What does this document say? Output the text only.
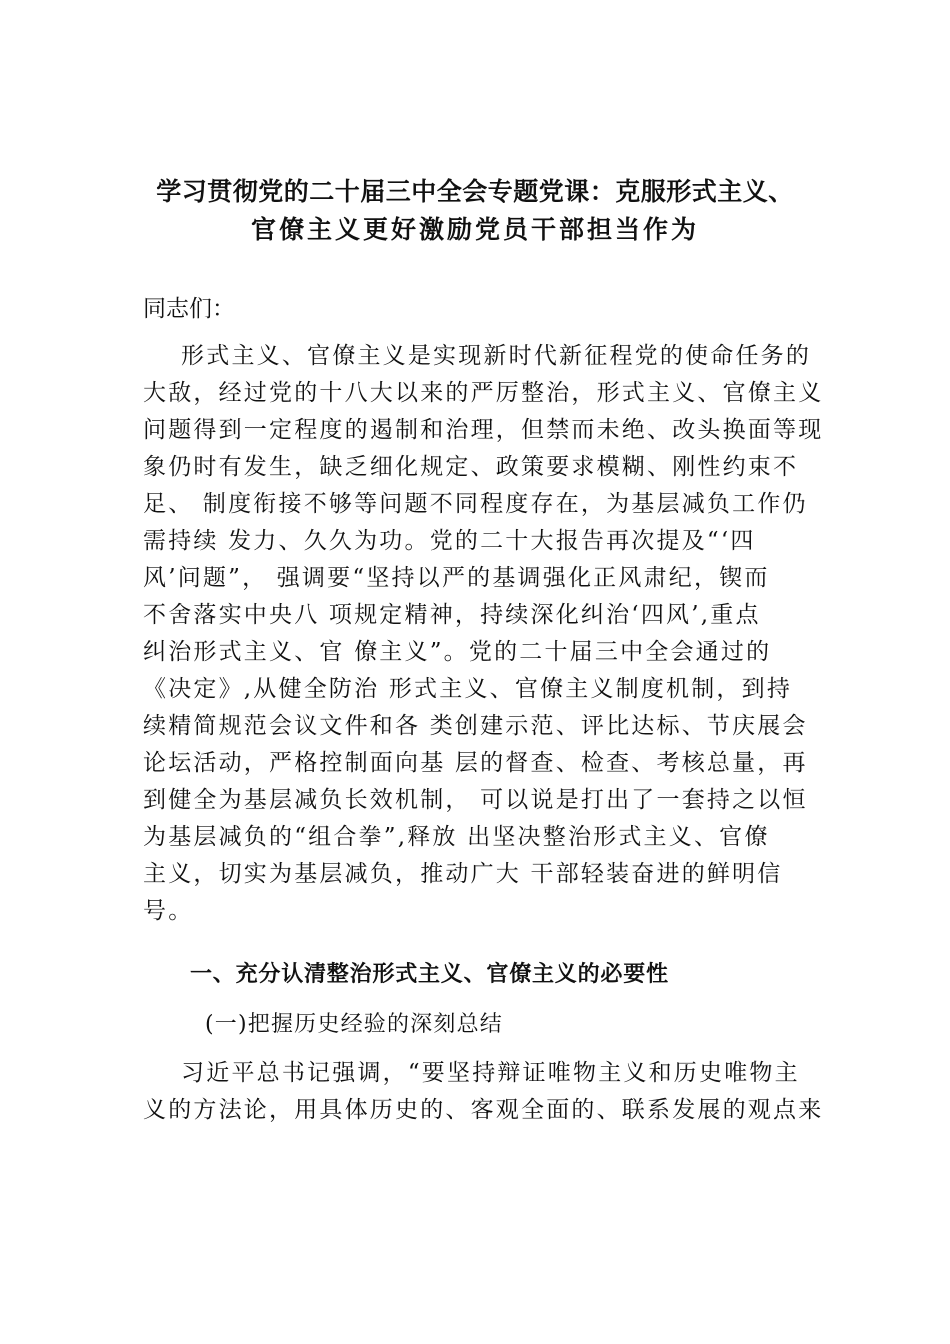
学习贯彻党的二十届三中全会专题党课：克服形式主义、
官僚主义更好激励党员干部担当作为
同志们：
形式主义、官僚主义是实现新时代新征程党的使命任务的
大敌，经过党的十八大以来的严厉整治，形式主义、官僚主义
问题得到一定程度的遏制和治理，但禁而未绝、改头换面等现
象仍时有发生，缺乏细化规定、政策要求模糊、刚性约束不
足、 制度衔接不够等问题不同程度存在，为基层减负工作仍
需持续 发力、久久为功。党的二十大报告再次提及“‘四
风’问题”， 强调要“坚持以严的基调强化正风肃纪，锲而
不舍落实中央八 项规定精神，持续深化纠治‘四风’,重点
纠治形式主义、官 僚主义”。党的二十届三中全会通过的
《决定》,从健全防治 形式主义、官僚主义制度机制，到持
续精简规范会议文件和各 类创建示范、评比达标、节庆展会
论坛活动，严格控制面向基 层的督查、检查、考核总量，再
到健全为基层减负长效机制， 可以说是打出了一套持之以恒
为基层减负的“组合拳”,释放 出坚决整治形式主义、官僚
主义，切实为基层减负，推动广大 干部轻装奋进的鲜明信
号。
一、充分认清整治形式主义、官僚主义的必要性
(一)把握历史经验的深刻总结
习近平总书记强调，“要坚持辩证唯物主义和历史唯物主
义的方法论，用具体历史的、客观全面的、联系发展的观点来
